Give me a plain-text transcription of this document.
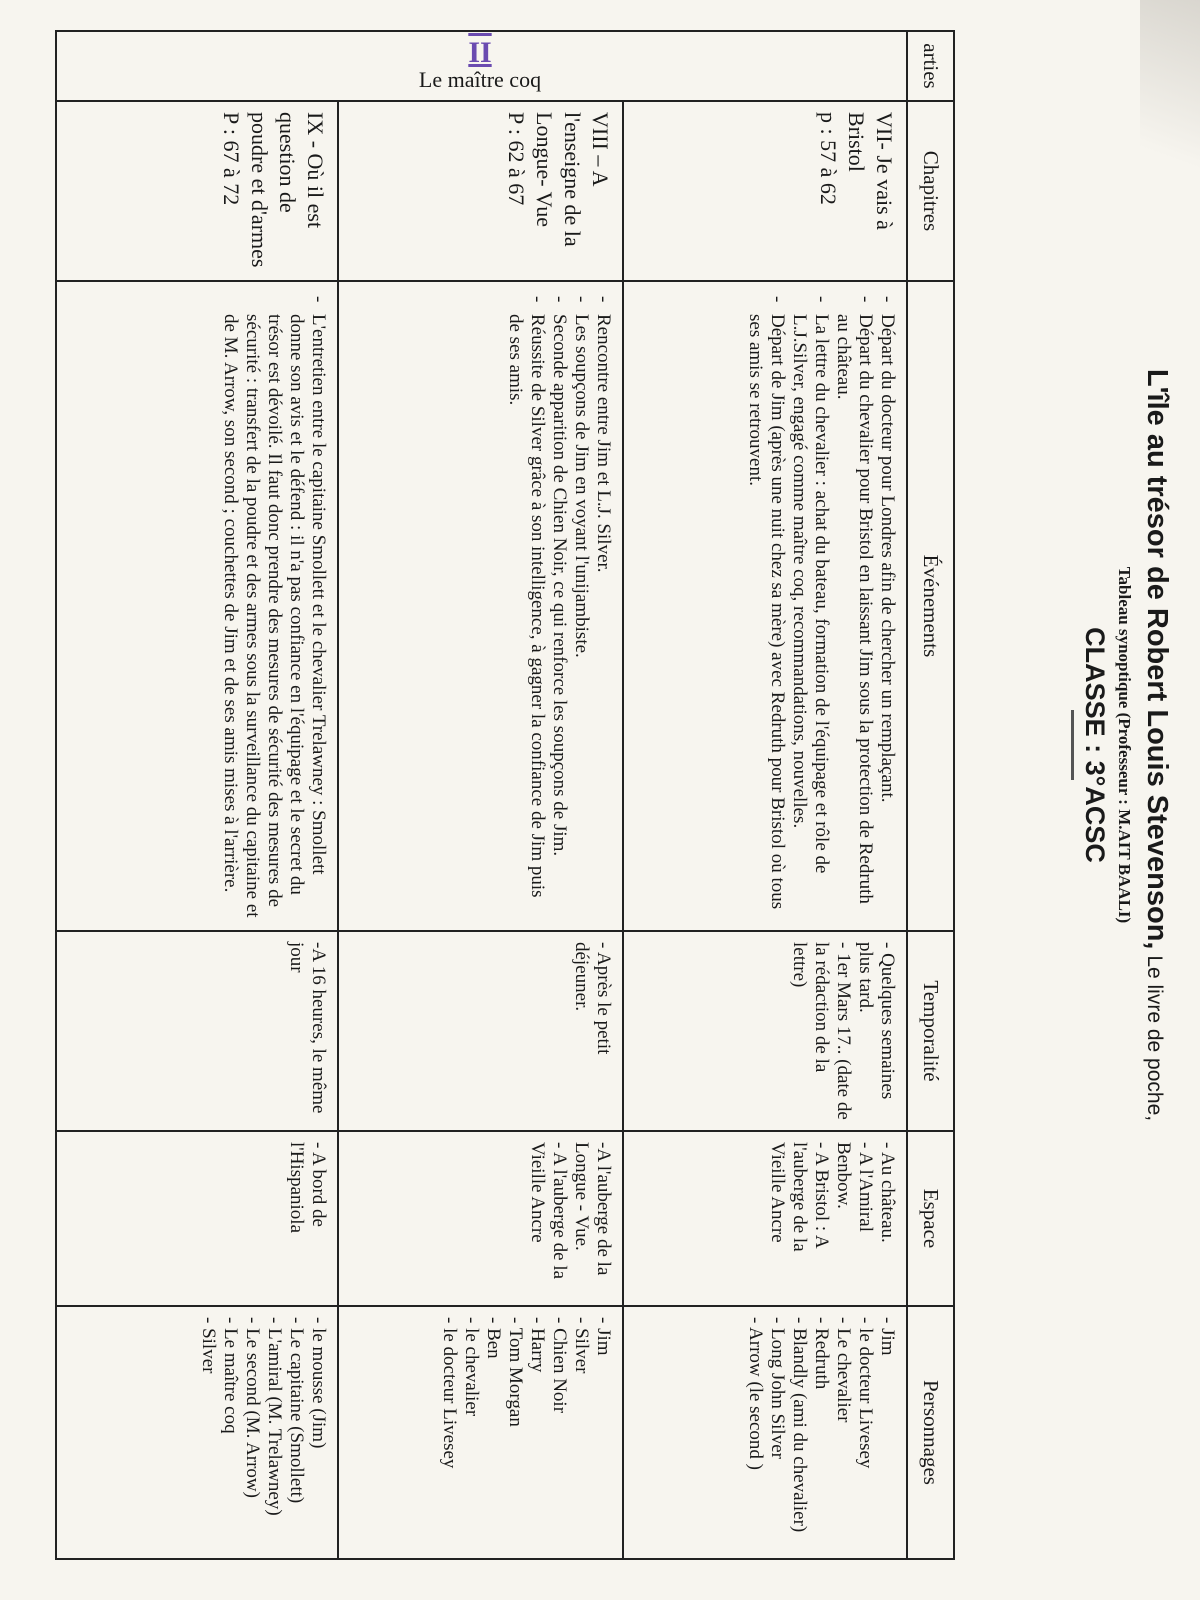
L'île au trésor de Robert Louis Stevenson, Le livre de poche,
Tableau synoptique (Professeur : M.AIT BAALI)
CLASSE : 3°ACSC
arties
Chapitres
Événements
Temporalité
Espace
Personnages
II
Le maître coq
VII- Je vais à Bristol
p : 57 à 62
- Départ du docteur pour Londres afin de chercher un remplaçant.
- Départ du chevalier pour Bristol en laissant Jim sous la protection de Redruth au château.
- La lettre du chevalier : achat du bateau, formation de l'équipage et rôle de L.J.Silver, engagé comme maître coq, recommandations, nouvelles.
- Départ de Jim (après une nuit chez sa mère) avec Redruth pour Bristol où tous ses amis se retrouvent.
- Quelques semaines plus tard.
- 1er Mars 17.. (date de la rédaction de la lettre)
- Au château.
- A l'Amiral Benbow.
- A Bristol : A l'auberge de la Vieille Ancre
- Jim
- le docteur Livesey
- Le chevalier
- Redruth
- Blandly (ami du chevalier)
- Long John Silver
- Arrow (le second )
VIII – A l'enseigne de la Longue- Vue
P : 62 à 67
- Rencontre entre Jim et L.J. Silver.
- Les soupçons de Jim en voyant l'unijambiste.
- Seconde apparition de Chien Noir, ce qui renforce les soupçons de Jim.
- Réussite de Silver grâce à son intelligence, à gagner la confiance de Jim puis de ses amis.
- Après le petit déjeuner.
-A l'auberge de la Longue - Vue.
- A l'auberge de la Vieille Ancre
- Jim
- Silver
- Chien Noir
- Harry
- Tom Morgan
- Ben
- le chevalier
- le docteur Livesey
IX - Où il est question de poudre et d'armes
P : 67 à 72
- L'entretien entre le capitaine Smollett et le chevalier Trelawney : Smollett donne son avis et le défend : il n'a pas confiance en l'équipage et le secret du trésor est dévoilé. Il faut donc prendre des mesures de sécurité des mesures de sécurité : transfert de la poudre et des armes sous la surveillance du capitaine et de M. Arrow, son second ; couchettes de Jim et de ses amis mises à l'arrière.
-A 16 heures, le même jour
- A bord de l'Hispaniola
- le mousse (Jim)
- Le capitaine (Smollett)
- L'amiral (M. Trelawney)
- Le second (M. Arrow)
- Le maître coq
- Silver
